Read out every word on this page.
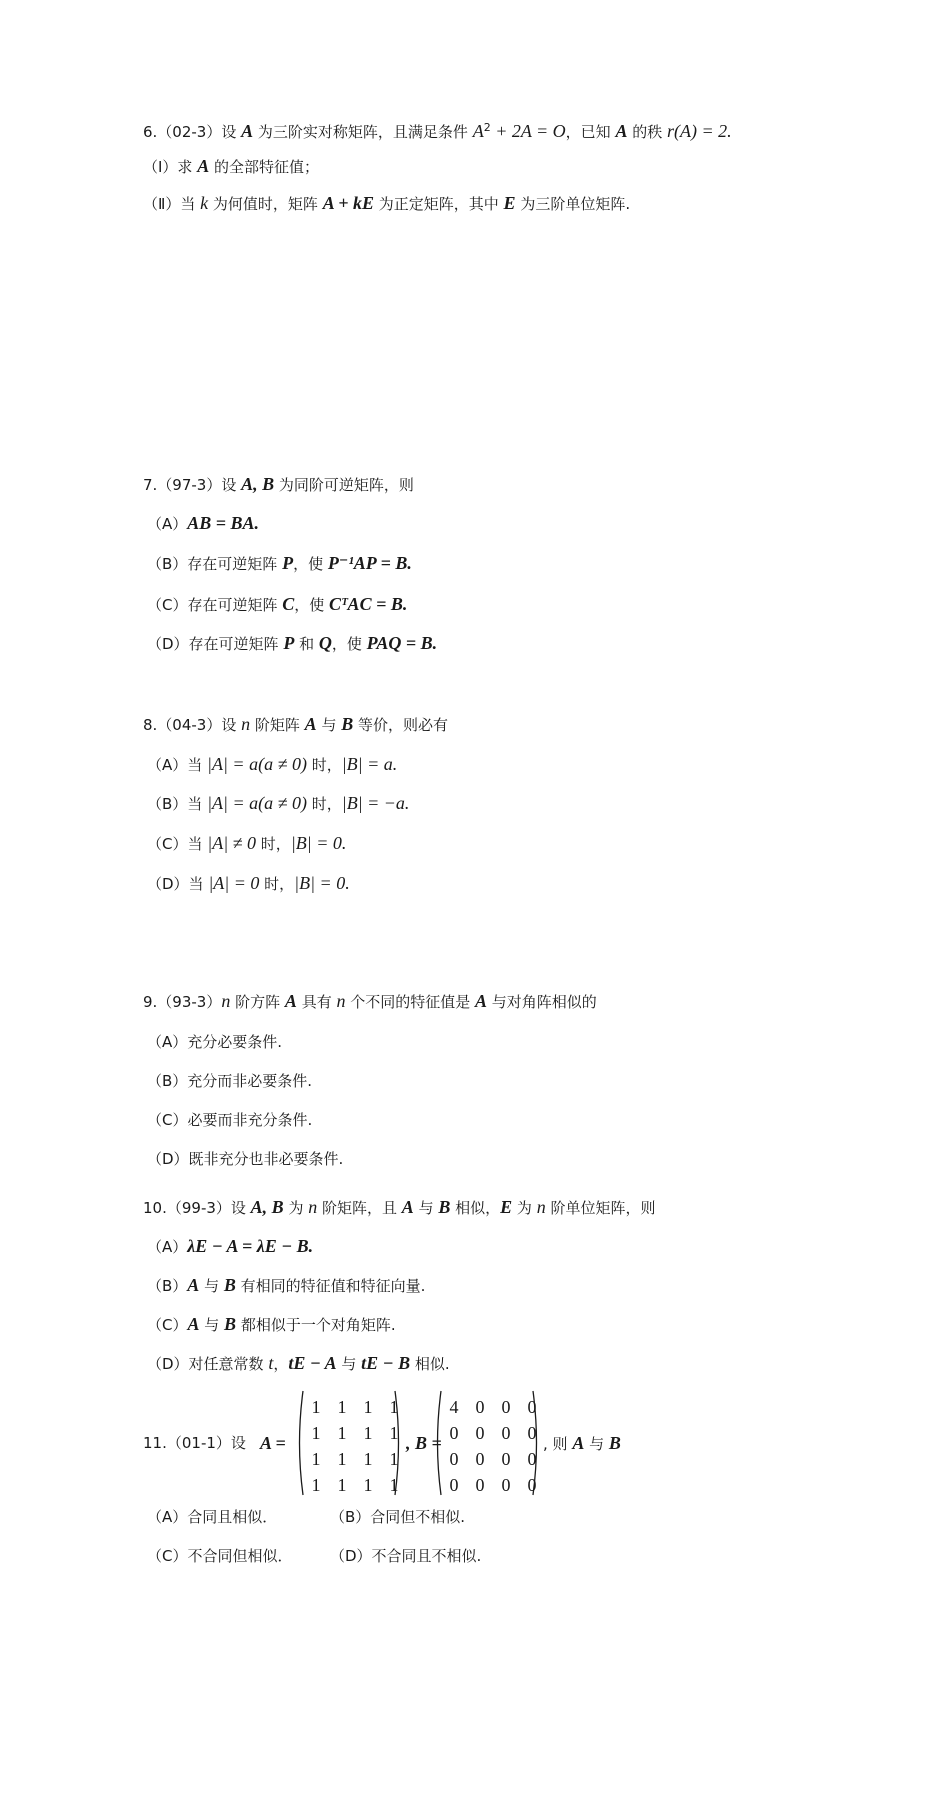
6.（02-3）设 A 为三阶实对称矩阵，且满足条件 $A^2 + 2A = O$，已知 A 的秩 r(A) = 2.
（Ⅰ）求 A 的全部特征值；
（Ⅱ）当 k 为何值时，矩阵 A + kE 为正定矩阵，其中 E 为三阶单位矩阵.
7.（97-3）设 A, B 为同阶可逆矩阵，则
（A）AB = BA.
（B）存在可逆矩阵 P，使 P⁻¹AP = B.
（C）存在可逆矩阵 C，使 CᵀAC = B.
（D）存在可逆矩阵 P 和 Q，使 PAQ = B.
8.（04-3）设 n 阶矩阵 A 与 B 等价，则必有
（A）当 |A| = a(a ≠ 0) 时，|B| = a.
（B）当 |A| = a(a ≠ 0) 时，|B| = −a.
（C）当 |A| ≠ 0 时，|B| = 0.
（D）当 |A| = 0 时，|B| = 0.
9.（93-3）n 阶方阵 A 具有 n 个不同的特征值是 A 与对角阵相似的
（A）充分必要条件.
（B）充分而非必要条件.
（C）必要而非充分条件.
（D）既非充分也非必要条件.
10.（99-3）设 A, B 为 n 阶矩阵，且 A 与 B 相似，E 为 n 阶单位矩阵，则
（A）λE − A = λE − B.
（B）A 与 B 有相同的特征值和特征向量.
（C）A 与 B 都相似于一个对角矩阵.
（D）对任意常数 t，tE − A 与 tE − B 相似.
11.（01-1）设 A =
1 1 1 1
1 1 1 1
1 1 1 1
1 1 1 1
, B =
4 0 0 0
0 0 0 0
0 0 0 0
0 0 0 0
, 则 A 与 B
（A）合同且相似．	（B）合同但不相似.
（C）不合同但相似．	（D）不合同且不相似.
